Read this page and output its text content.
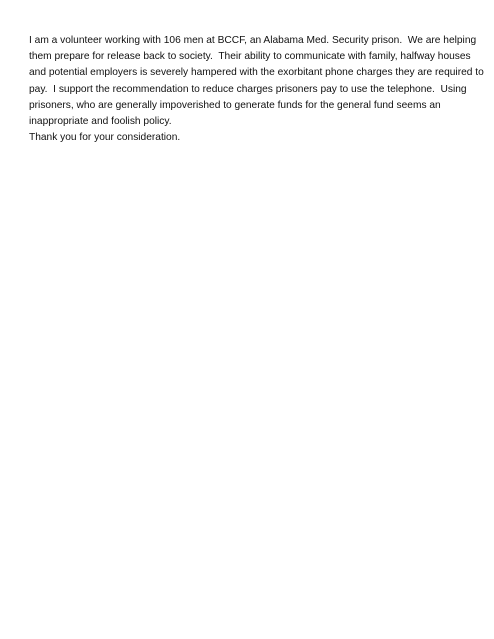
I am a volunteer working with 106 men at BCCF, an Alabama Med. Security prison.  We are helping
them prepare for release back to society.  Their ability to communicate with family, halfway houses
and potential employers is severely hampered with the exorbitant phone charges they are required to
pay.  I support the recommendation to reduce charges prisoners pay to use the telephone.  Using
prisoners, who are generally impoverished to generate funds for the general fund seems an
inappropriate and foolish policy.
Thank you for your consideration.
